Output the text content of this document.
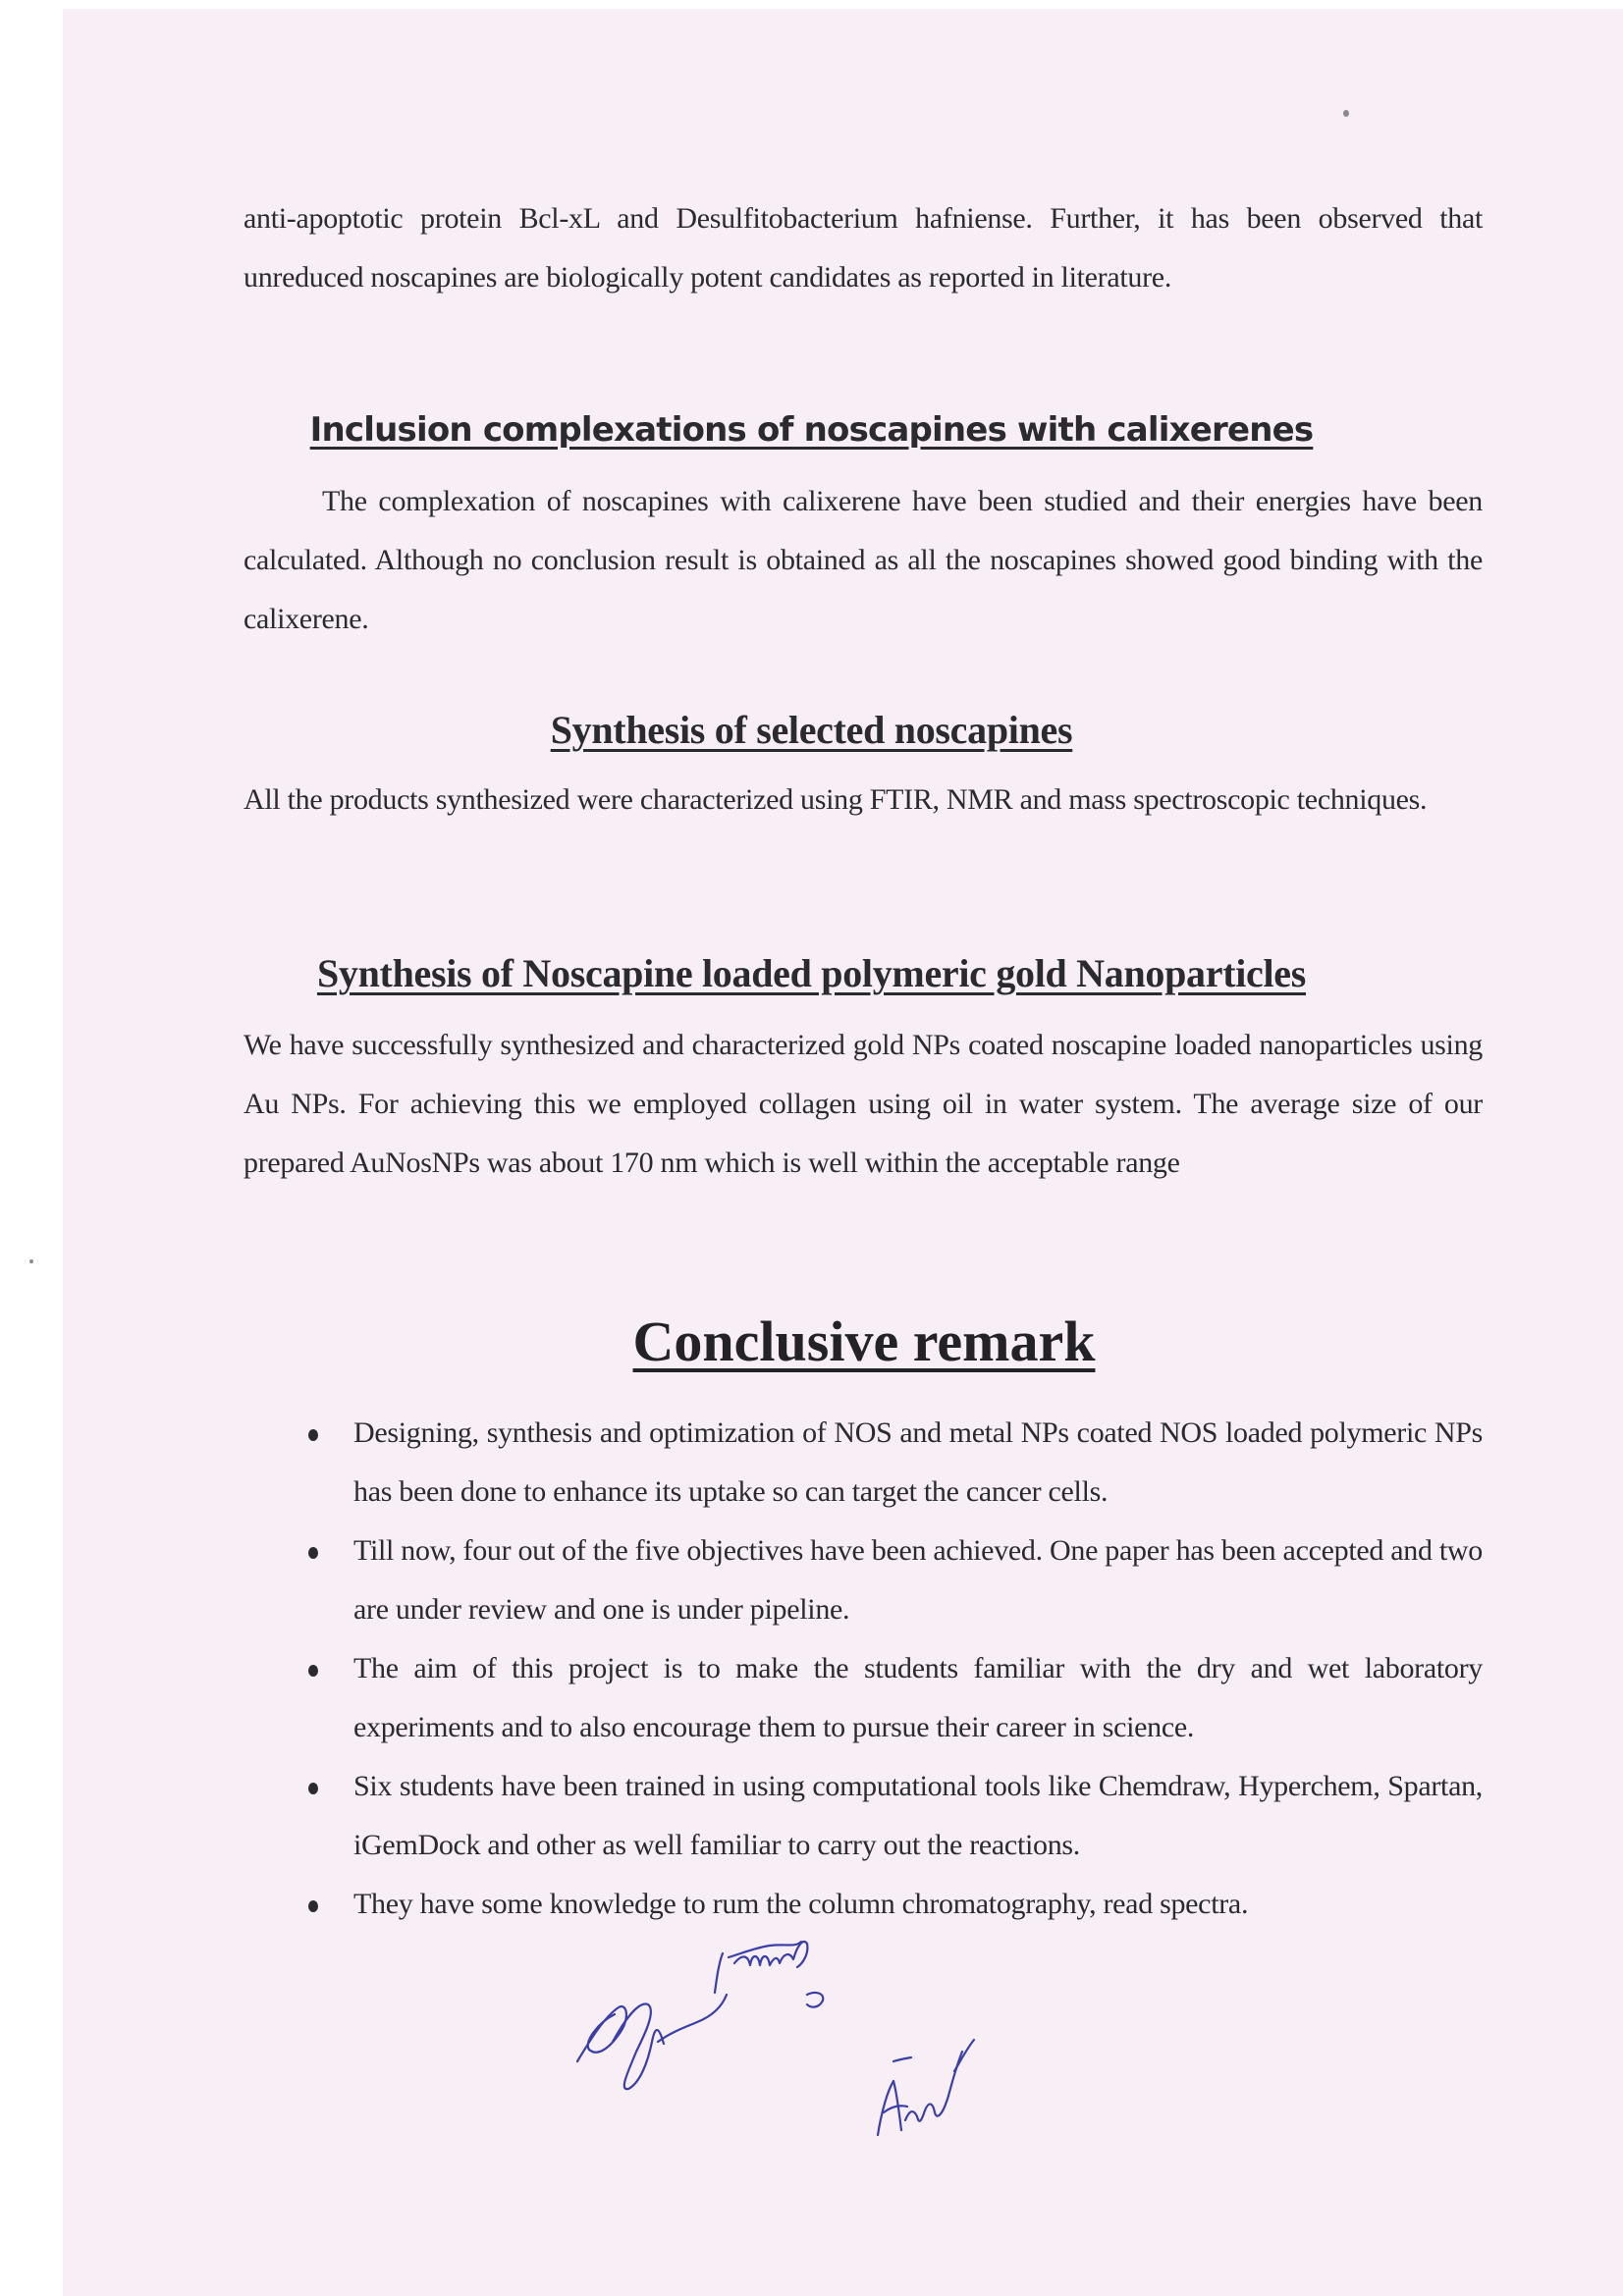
anti-apoptotic protein Bcl-xL and Desulfitobacterium hafniense. Further, it has been observed that unreduced noscapines are biologically potent candidates as reported in literature.
Inclusion complexations of noscapines with calixerenes
The complexation of noscapines with calixerene have been studied and their energies have been calculated. Although no conclusion result is obtained as all the noscapines showed good binding with the calixerene.
Synthesis of selected noscapines
All the products synthesized were characterized using FTIR, NMR and mass spectroscopic techniques.
Synthesis of Noscapine loaded polymeric gold Nanoparticles
We have successfully synthesized and characterized gold NPs coated noscapine loaded nanoparticles using Au NPs. For achieving this we employed collagen using oil in water system. The average size of our prepared AuNosNPs was about 170 nm which is well within the acceptable range
Conclusive remark
Designing, synthesis and optimization of NOS and metal NPs coated NOS loaded polymeric NPs has been done to enhance its uptake so can target the cancer cells.
Till now, four out of the five objectives have been achieved. One paper has been accepted and two are under review and one is under pipeline.
The aim of this project is to make the students familiar with the dry and wet laboratory experiments and to also encourage them to pursue their career in science.
Six students have been trained in using computational tools like Chemdraw, Hyperchem, Spartan, iGemDock and other as well familiar to carry out the reactions.
They have some knowledge to rum the column chromatography, read spectra.
